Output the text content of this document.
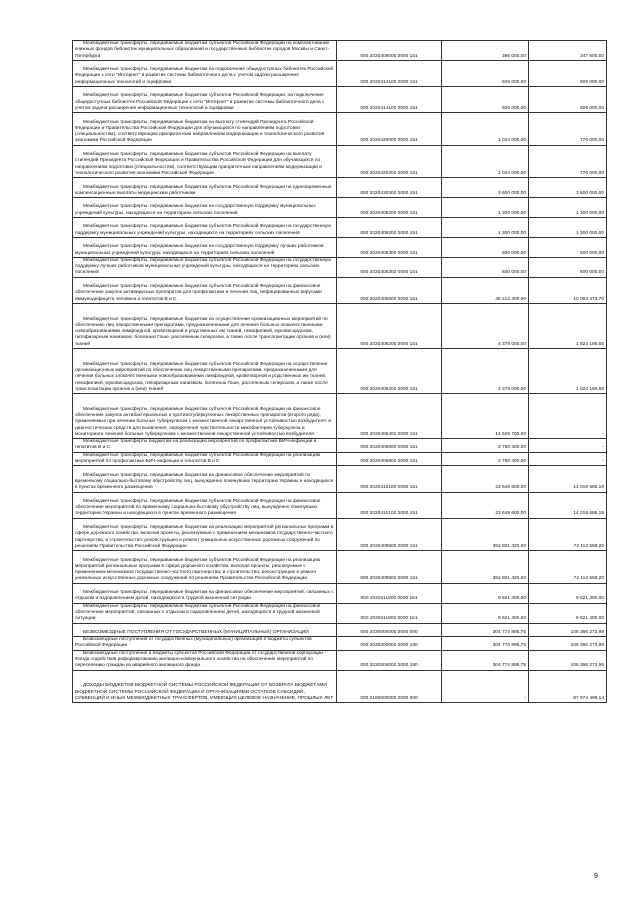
Межбюджетные трансферты, передаваемые бюджетам субъектов Российской Федерации на комплектование книжных фондов библиотек муниципальных образований и государственных библиотек городов Москвы и Санкт-Петербурга	000 2020405000 0000 151	396 000,00	347 600,00
Межбюджетные трансферты, передаваемые бюджетам на подключение общедоступных библиотек Российской Федерации к сети "Интернет" и развитие системы библиотечного дела с учетом задачи расширения информационных технологий и оцифровки	000 2020414100 0000 151	925 000,00	809 000,00
Межбюджетные трансферты, передаваемые бюджетам субъектов Российской Федерации, на подключение общедоступных библиотек Российской Федерации к сети "Интернет" и развитие системы библиотечного дела с учетом задачи расширения информационных технологий и оцифровки	000 2020414102 0000 151	925 000,00	809 000,00
Межбюджетные трансферты, передаваемые бюджетам на выплату стипендий Президента Российской Федерации и Правительства Российской Федерации для обучающихся по направлениям подготовки (специальностям), соответствующим приоритетным направлениям модернизации и технологического развития экономики Российской Федерации	000 2020420000 0000 151	1 024 000,00	776 000,00
Межбюджетные трансферты, передаваемые бюджетам субъектов Российской Федерации на выплату стипендий Президента Российской Федерации и Правительства Российской Федерации для обучающихся по направлениям подготовки (специальностям), соответствующим приоритетным направлениям модернизации и технологического развития экономики Российской Федерации	000 2020420202 0000 151	1 024 000,00	776 000,00
Межбюджетные трансферты, передаваемые бюджетам субъектов Российской Федерации на единовременные компенсационные выплаты медицинским работникам	000 2020430302 0000 151	3 600 000,00	3 600 000,00
Межбюджетные трансферты, передаваемые бюджетам на государственную поддержку муниципальных учреждений культуры, находящихся на территориях сельских поселений	000 2020405200 0000 151	1 300 000,00	1 300 000,00
Межбюджетные трансферты, передаваемые бюджетам субъектов Российской Федерации на государственную поддержку муниципальных учреждений культуры, находящихся на территориях сельских поселений	000 2020405202 0000 151	1 300 000,00	1 300 000,00
Межбюджетные трансферты, передаваемые бюджетам на государственную поддержку лучших работников муниципальных учреждений культуры, находящихся на территориях сельских поселений	000 2020405300 0000 151	600 000,00	600 000,00
Межбюджетные трансферты, передаваемые бюджетам субъектов Российской Федерации на государственную поддержку лучших работников муниципальных учреждений культуры, находящихся на территориях сельских поселений	000 2020405302 0000 151	600 000,00	600 000,00
Межбюджетные трансферты, передаваемые бюджетам субъектов Российской Федерации на финансовое обеспечение закупок антивирусных препаратов для профилактики и лечения лиц, инфицированных вирусами иммунодефицита человека и гепатитов В и С	000 2020405502 0000 151	48 212 300,00	10 063 473,70
Межбюджетные трансферты, передаваемые бюджетам на осуществление организационных мероприятий по обеспечению лиц лекарственными препаратами, предназначенными для лечения больных злокачественными новообразованиями лимфоидной, кроветворной и родственных им тканей, гемофилией, муковисцидозом, гипофизарным нанизмом, болезнью Гоше, рассеянным склерозом, а также после трансплантации органов и (или) тканей	000 2020406200 0000 151	4 378 000,00	1 824 166,65
Межбюджетные трансферты, передаваемые бюджетам субъектов Российской Федерации на осуществление организационных мероприятий по обеспечению лиц лекарственными препаратами, предназначенными для лечения больных злокачественными новообразованиями лимфоидной, кроветворной и родственных им тканей, гемофилией, муковисцидозом, гипофизарным нанизмом, болезнью Гоше, рассеянным склерозом, а также после трансплантации органов и (или) тканей	000 2020406202 0000 151	4 378 000,00	1 824 166,65
Межбюджетные трансферты, передаваемые бюджетам субъектов Российской Федерации на финансовое обеспечение закупок антибактериальных и противотуберкулезных лекарственных препаратов (второго ряда), применяемых при лечении больных туберкулезом с множественной лекарственной устойчивостью возбудителя, и диагностических средств для выявления, определения чувствительности микобактерии туберкулеза и мониторинга лечения больных туберкулезом с множественной лекарственной устойчивостью возбудителя	000 2020406402 0000 151	14 626 700,00	-
Межбюджетные трансферты бюджетам на реализацию мероприятий по профилактике ВИЧ-инфекции и гепатитов В и С	000 2020406800 0000 151	2 760 400,00	-
Межбюджетные трансферты, передаваемые бюджетам субъектов Российской Федерации на реализацию мероприятий по профилактике ВИЧ-инфекции и гепатитов В и С	000 2020406802 0000 151	2 760 400,00	-
Межбюджетные трансферты, передаваемые бюджетам на финансовое обеспечение мероприятий по временному социально-бытовому обустройству лиц, вынужденно покинувших территорию Украины и находящихся в пунктах временного размещения	000 2020410100 0000 151	23 649 600,00	14 018 686,19
Межбюджетные трансферты, передаваемые бюджетам субъектов Российской Федерации на финансовое обеспечение мероприятий по временному социально-бытовому обустройству лиц, вынужденно покинувших территорию Украины и находящихся в пунктах временного размещения	000 2020410102 0000 151	23 649 600,00	14 018 686,19
Межбюджетные трансферты, передаваемые бюджетам на реализацию мероприятий региональных программ в сфере дорожного хозяйства, включая проекты, реализуемые с применением механизмов государственно-частного партнерства, и строительство, реконструкцию и ремонт уникальных искусственных дорожных сооружений по решениям Правительства Российской Федерации	000 2020409500 0000 151	352 801 420,00	72 113 558,20
Межбюджетные трансферты, передаваемые бюджетам субъектов Российской Федерации на реализацию мероприятий региональных программ в сфере дорожного хозяйства, включая проекты, реализуемые с применением механизмов государственно-частного партнерства, и строительство, реконструкцию и ремонт уникальных искусственных дорожных сооружений по решениям Правительства Российской Федерации	000 2020409502 0000 151	352 801 420,00	72 113 558,20
Межбюджетные трансферты, передаваемые бюджетам на финансовое обеспечение мероприятий, связанных с отдыхом и оздоровлением детей, находящихся в трудной жизненной ситуации	000 2020411800 0000 151	9 621 400,00	9 621 400,00
Межбюджетные трансферты, передаваемые бюджетам субъектов Российской Федерации на финансовое обеспечение мероприятий, связанных с отдыхом и оздоровлением детей, находящихся в трудной жизненной ситуации	000 2020411802 0000 151	9 621 400,00	9 621 400,00
БЕЗВОЗМЕЗДНЫЕ ПОСТУПЛЕНИЯ ОТ ГОСУДАРСТВЕННЫХ (МУНИЦИПАЛЬНЫХ) ОРГАНИЗАЦИЙ	000 2030000000 0000 000	304 774 895,75	106 366 273,98
Безвозмездные поступления от государственных (муниципальных) организаций в бюджеты субъектов Российской Федерации	000 2030200002 0000 180	304 774 895,75	106 366 273,98
Безвозмездные поступления в бюджеты субъектов Российской Федерации от государственной корпорации - Фонда содействия реформированию жилищно-коммунального хозяйства на обеспечение мероприятий по переселению граждан из аварийного жилищного фонда	000 2030204002 0000 180	304 774 895,75	106 366 273,98
ДОХОДЫ БЮДЖЕТОВ БЮДЖЕТНОЙ СИСТЕМЫ РОССИЙСКОЙ ФЕДЕРАЦИИ ОТ ВОЗВРАТА БЮДЖЕТАМИ БЮДЖЕТНОЙ СИСТЕМЫ РОССИЙСКОЙ ФЕДЕРАЦИИ И ОРГАНИЗАЦИЯМИ ОСТАТКОВ СУБСИДИЙ, СУБВЕНЦИЙ И ИНЫХ МЕЖБЮДЖЕТНЫХ ТРАНСФЕРТОВ, ИМЕЮЩИХ ЦЕЛЕВОЕ НАЗНАЧЕНИЕ, ПРОШЛЫХ ЛЕТ	000 2180000000 0000 000	-	87 974 499,14
9
